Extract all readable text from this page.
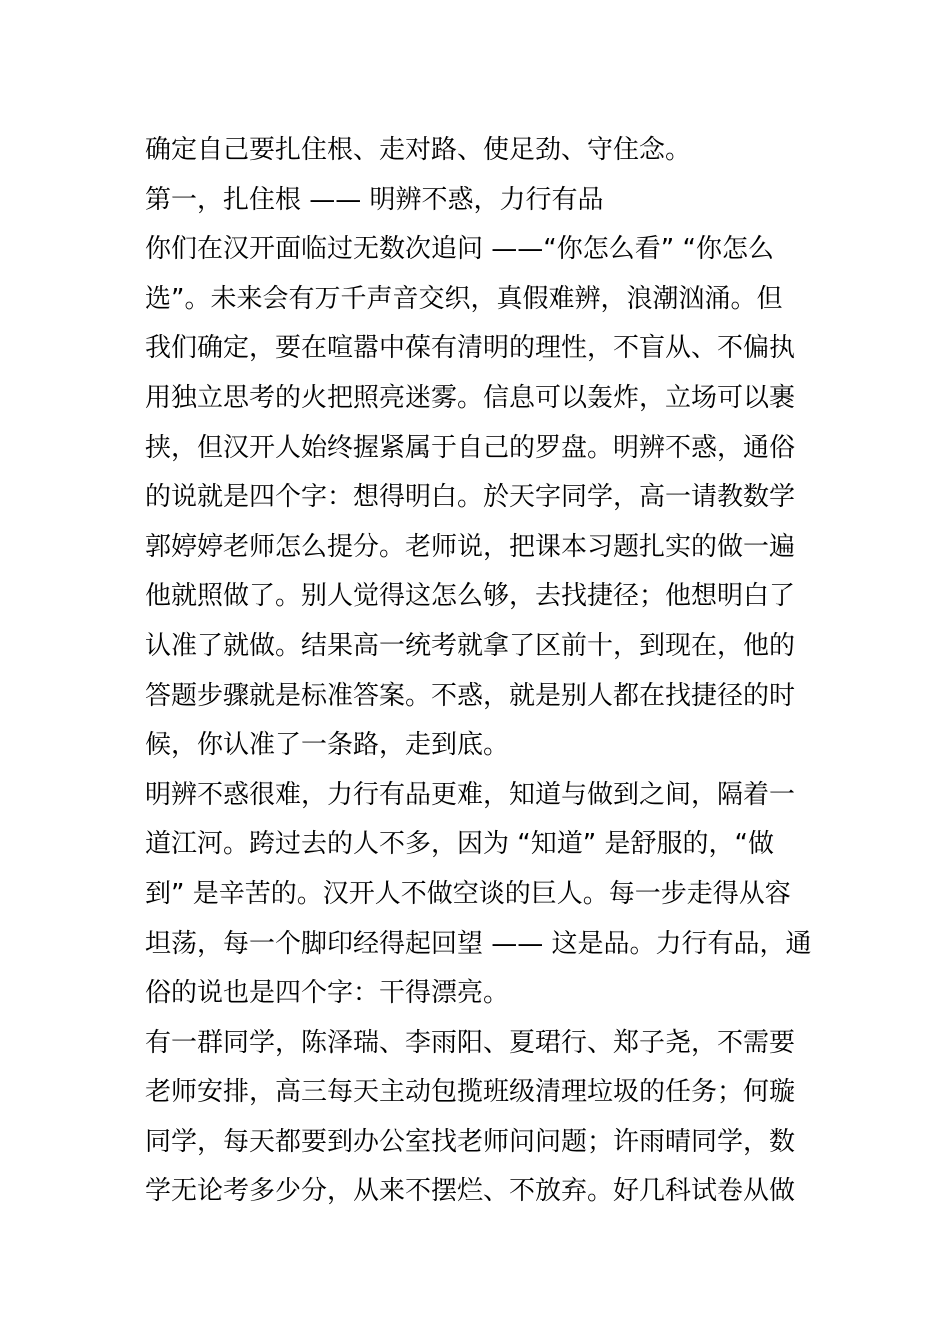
确定自己要扎住根、走对路、使足劲、守住念。
第一，扎住根 —— 明辨不惑，力行有品
你们在汉开面临过无数次追问 ——“你怎么看” “你怎么
选”。未来会有万千声音交织，真假难辨，浪潮汹涌。但
我们确定，要在喧嚣中葆有清明的理性，不盲从、不偏执
用独立思考的火把照亮迷雾。信息可以轰炸，立场可以裹
挟，但汉开人始终握紧属于自己的罗盘。明辨不惑，通俗
的说就是四个字：想得明白。於天字同学，高一请教数学
郭婷婷老师怎么提分。老师说，把课本习题扎实的做一遍
他就照做了。别人觉得这怎么够，去找捷径；他想明白了
认准了就做。结果高一统考就拿了区前十，到现在，他的
答题步骤就是标准答案。不惑，就是别人都在找捷径的时
候，你认准了一条路，走到底。
明辨不惑很难，力行有品更难，知道与做到之间，隔着一
道江河。跨过去的人不多，因为 “知道” 是舒服的，“做
到” 是辛苦的。汉开人不做空谈的巨人。每一步走得从容
坦荡，每一个脚印经得起回望 —— 这是品。力行有品，通
俗的说也是四个字：干得漂亮。
有一群同学，陈泽瑞、李雨阳、夏珺行、郑子尧，不需要
老师安排，高三每天主动包揽班级清理垃圾的任务；何璇
同学，每天都要到办公室找老师问问题；许雨晴同学，数
学无论考多少分，从来不摆烂、不放弃。好几科试卷从做
